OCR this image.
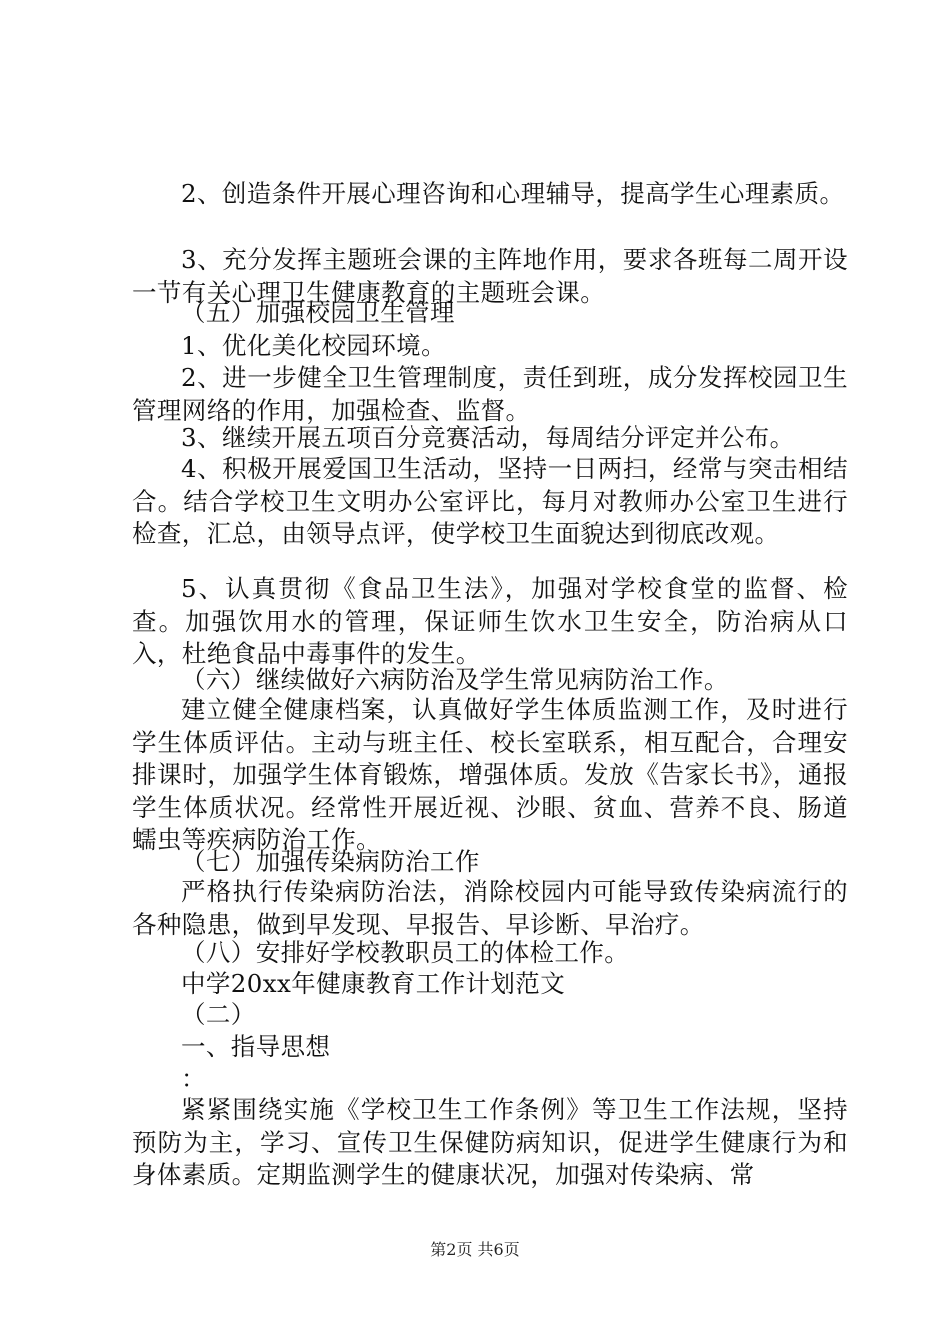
2、创造条件开展心理咨询和心理辅导，提高学生心理素质。

3、充分发挥主题班会课的主阵地作用，要求各班每二周开设一节有关心理卫生健康教育的主题班会课。

（五）加强校园卫生管理

1、优化美化校园环境。

2、进一步健全卫生管理制度，责任到班，成分发挥校园卫生管理网络的作用，加强检查、监督。

3、继续开展五项百分竞赛活动，每周结分评定并公布。

4、积极开展爱国卫生活动，坚持一日两扫，经常与突击相结合。结合学校卫生文明办公室评比，每月对教师办公室卫生进行检查，汇总，由领导点评，使学校卫生面貌达到彻底改观。

5、认真贯彻《食品卫生法》，加强对学校食堂的监督、检查。加强饮用水的管理，保证师生饮水卫生安全，防治病从口入，杜绝食品中毒事件的发生。

（六）继续做好六病防治及学生常见病防治工作。

建立健全健康档案，认真做好学生体质监测工作，及时进行学生体质评估。主动与班主任、校长室联系，相互配合，合理安排课时，加强学生体育锻炼，增强体质。发放《告家长书》，通报学生体质状况。经常性开展近视、沙眼、贫血、营养不良、肠道蠕虫等疾病防治工作。

（七）加强传染病防治工作

严格执行传染病防治法，消除校园内可能导致传染病流行的各种隐患，做到早发现、早报告、早诊断、早治疗。

（八）安排好学校教职员工的体检工作。

中学20xx年健康教育工作计划范文

（二）

一、指导思想

：

紧紧围绕实施《学校卫生工作条例》等卫生工作法规，坚持预防为主，学习、宣传卫生保健防病知识，促进学生健康行为和身体素质。定期监测学生的健康状况，加强对传染病、常

第2页 共6页
